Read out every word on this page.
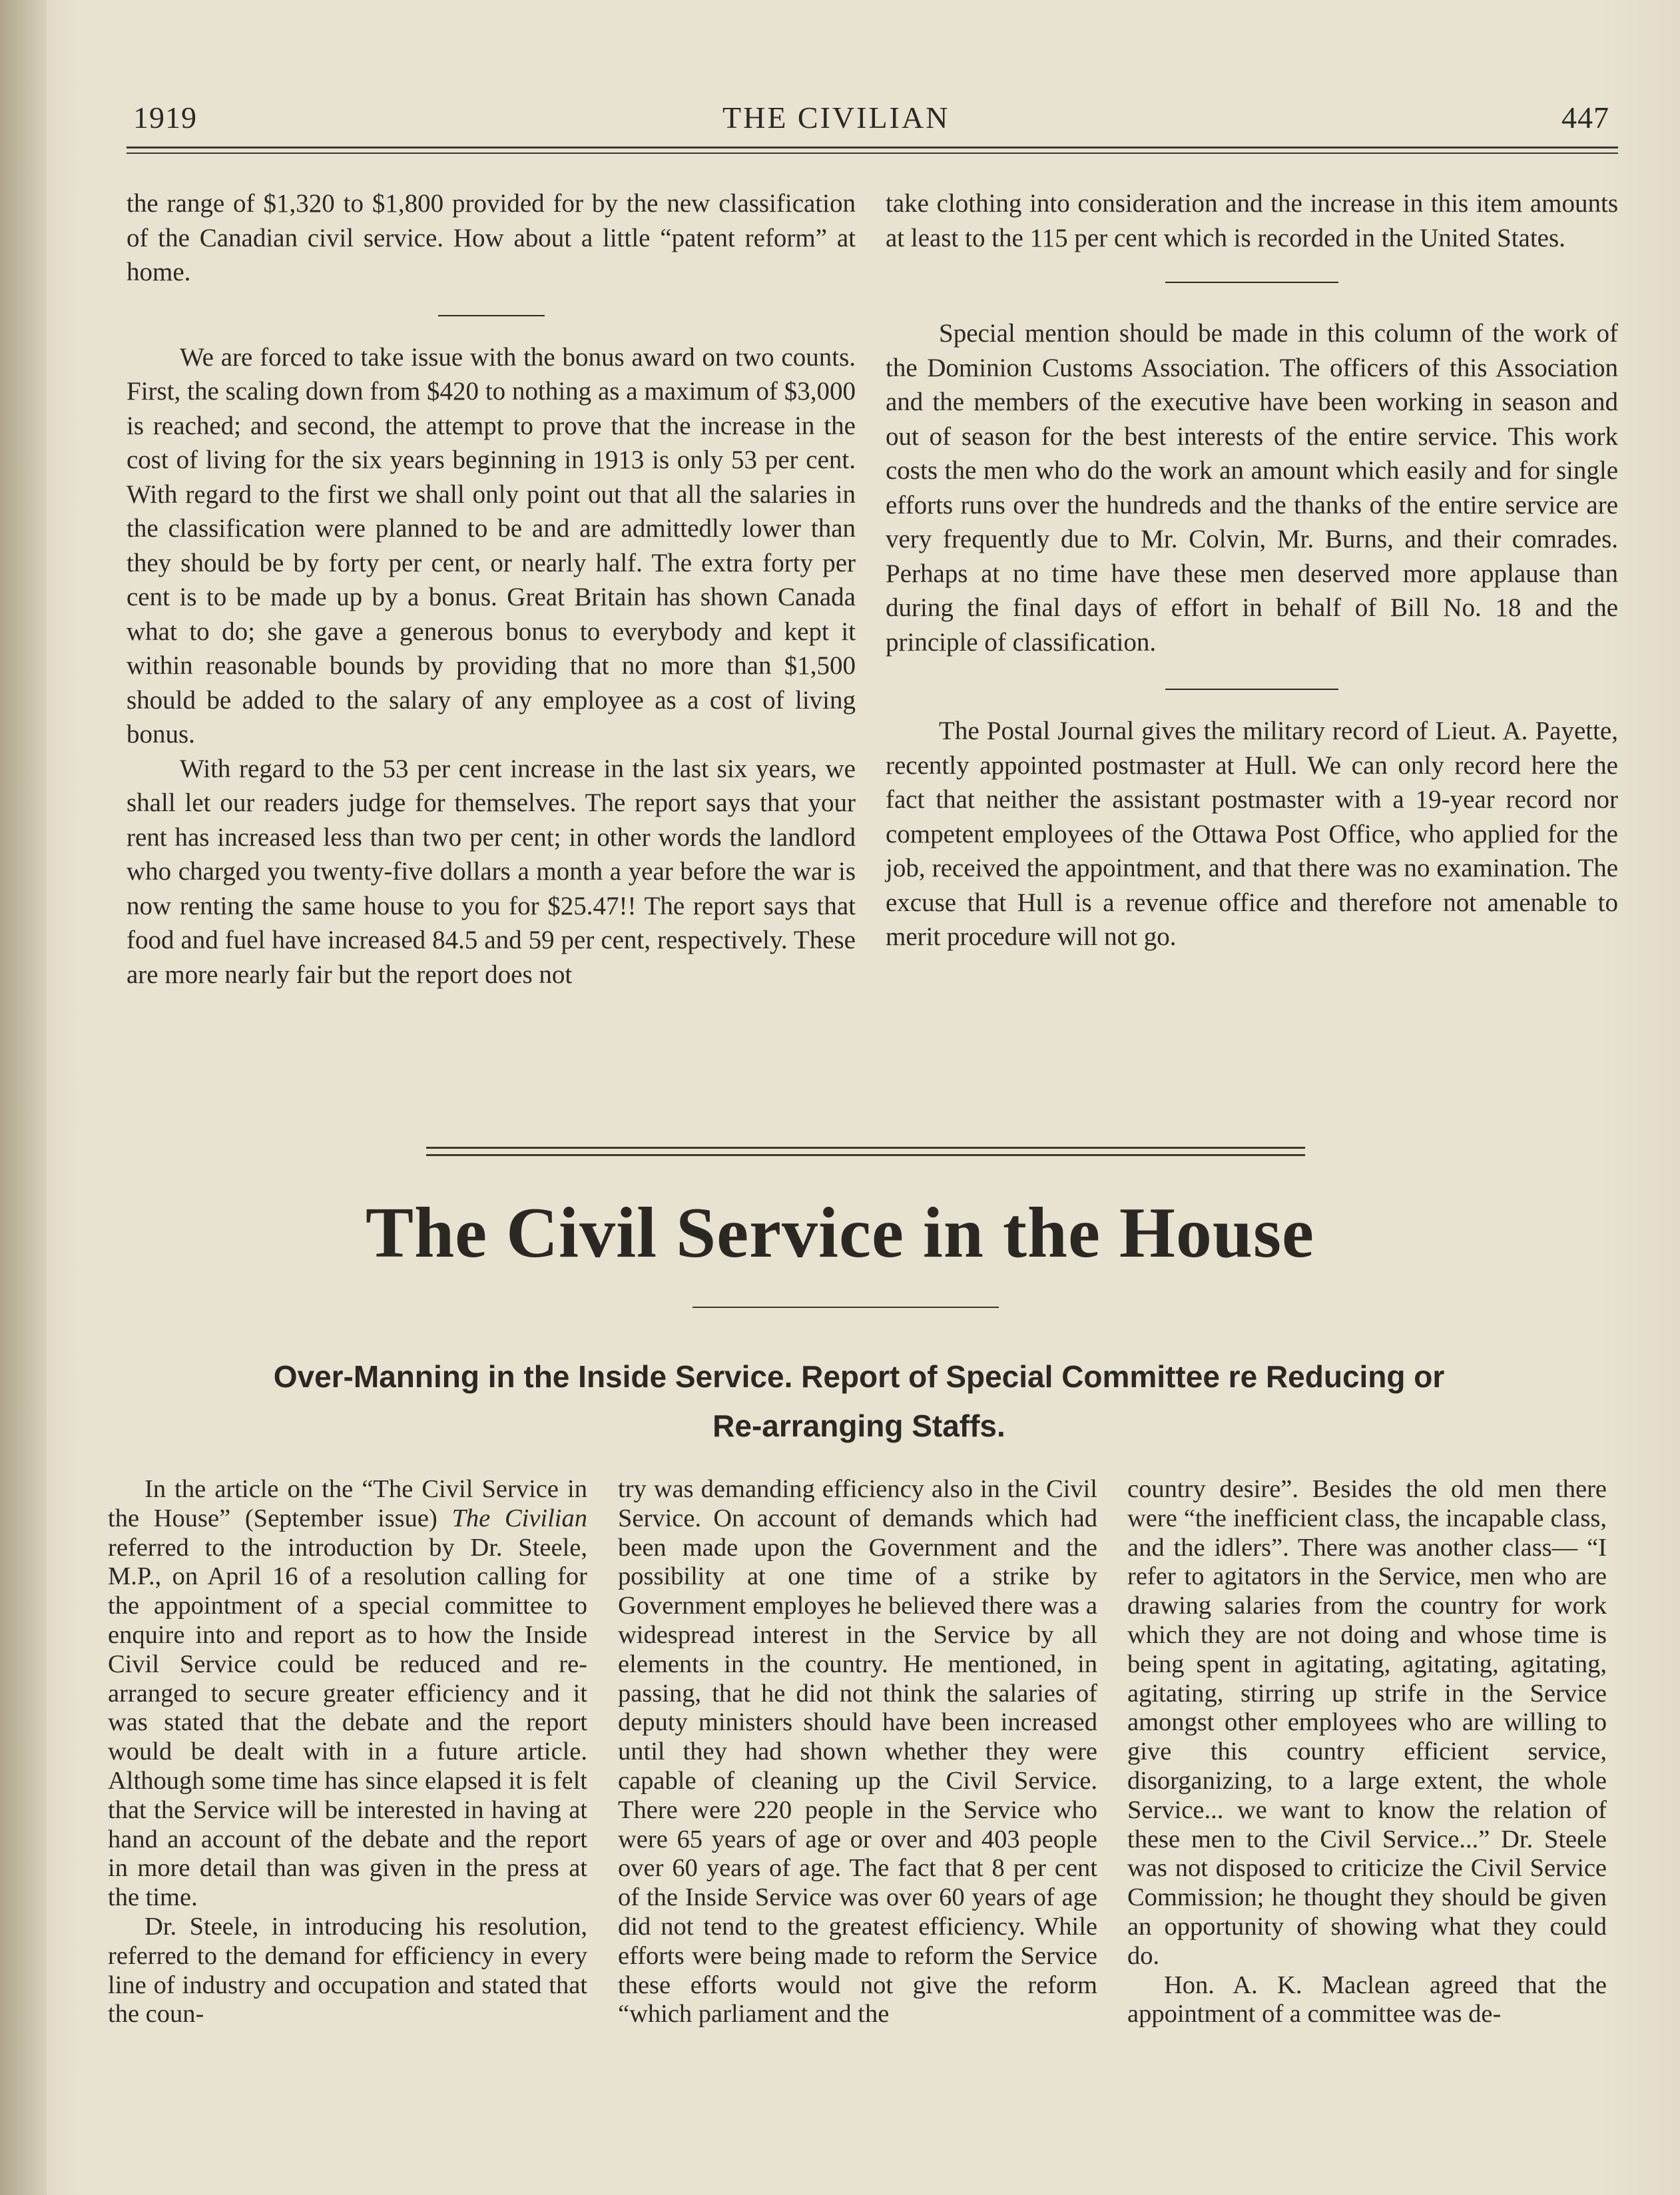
1919	THE CIVILIAN	447

the range of $1,320 to $1,800 provided for by the new classification of the Canadian civil service. How about a little “patent reform” at home.

We are forced to take issue with the bonus award on two counts. First, the scaling down from $420 to nothing as a maximum of $3,000 is reached; and second, the attempt to prove that the increase in the cost of living for the six years beginning in 1913 is only 53 per cent. With regard to the first we shall only point out that all the salaries in the classification were planned to be and are admittedly lower than they should be by forty per cent, or nearly half. The extra forty per cent is to be made up by a bonus. Great Britain has shown Canada what to do; she gave a generous bonus to everybody and kept it within reasonable bounds by providing that no more than $1,500 should be added to the salary of any employee as a cost of living bonus.

With regard to the 53 per cent increase in the last six years, we shall let our readers judge for themselves. The report says that your rent has increased less than two per cent; in other words the landlord who charged you twenty-five dollars a month a year before the war is now renting the same house to you for $25.47!! The report says that food and fuel have increased 84.5 and 59 per cent, respectively. These are more nearly fair but the report does not

take clothing into consideration and the increase in this item amounts at least to the 115 per cent which is recorded in the United States.

Special mention should be made in this column of the work of the Dominion Customs Association. The officers of this Association and the members of the executive have been working in season and out of season for the best interests of the entire service. This work costs the men who do the work an amount which easily and for single efforts runs over the hundreds and the thanks of the entire service are very frequently due to Mr. Colvin, Mr. Burns, and their comrades. Perhaps at no time have these men deserved more applause than during the final days of effort in behalf of Bill No. 18 and the principle of classification.

The Postal Journal gives the military record of Lieut. A. Payette, recently appointed postmaster at Hull. We can only record here the fact that neither the assistant postmaster with a 19-year record nor competent employees of the Ottawa Post Office, who applied for the job, received the appointment, and that there was no examination. The excuse that Hull is a revenue office and therefore not amenable to merit procedure will not go.

The Civil Service in the House
Over-Manning in the Inside Service. Report of Special Committee re Reducing or
Re-arranging Staffs.

In the article on the “The Civil Service in the House” (September issue) The Civilian referred to the introduction by Dr. Steele, M.P., on April 16 of a resolution calling for the appointment of a special committee to enquire into and report as to how the Inside Civil Service could be reduced and re-arranged to secure greater efficiency and it was stated that the debate and the report would be dealt with in a future article. Although some time has since elapsed it is felt that the Service will be interested in having at hand an account of the debate and the report in more detail than was given in the press at the time.

Dr. Steele, in introducing his resolution, referred to the demand for efficiency in every line of industry and occupation and stated that the coun-

try was demanding efficiency also in the Civil Service. On account of demands which had been made upon the Government and the possibility at one time of a strike by Government employes he believed there was a widespread interest in the Service by all elements in the country. He mentioned, in passing, that he did not think the salaries of deputy ministers should have been increased until they had shown whether they were capable of cleaning up the Civil Service. There were 220 people in the Service who were 65 years of age or over and 403 people over 60 years of age. The fact that 8 per cent of the Inside Service was over 60 years of age did not tend to the greatest efficiency. While efforts were being made to reform the Service these efforts would not give the reform “which parliament and the

country desire”. Besides the old men there were “the inefficient class, the incapable class, and the idlers”. There was another class— “I refer to agitators in the Service, men who are drawing salaries from the country for work which they are not doing and whose time is being spent in agitating, agitating, agitating, agitating, stirring up strife in the Service amongst other employees who are willing to give this country efficient service, disorganizing, to a large extent, the whole Service... we want to know the relation of these men to the Civil Service...” Dr. Steele was not disposed to criticize the Civil Service Commission; he thought they should be given an opportunity of showing what they could do.

Hon. A. K. Maclean agreed that the appointment of a committee was de-
